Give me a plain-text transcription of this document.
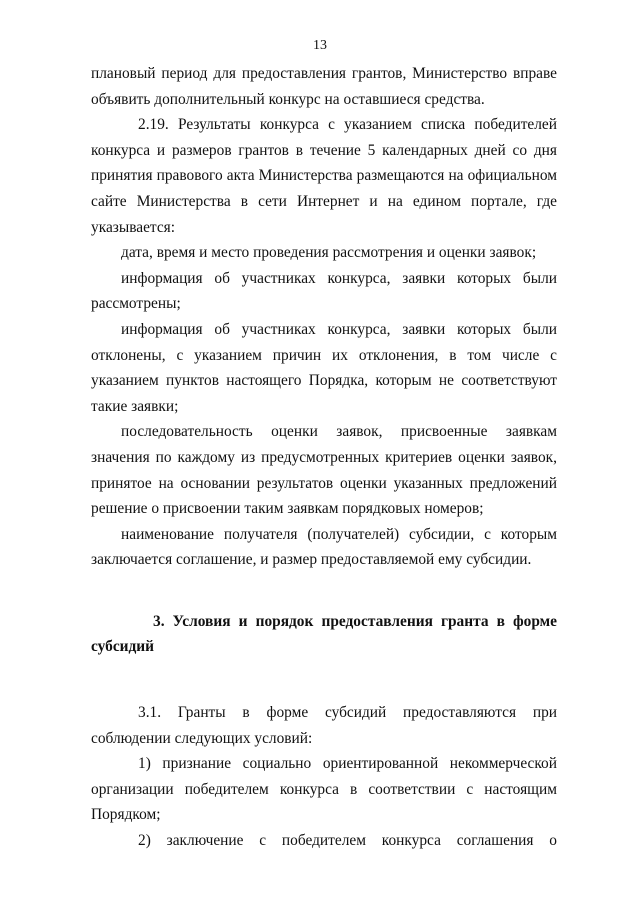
13

плановый период для предоставления грантов, Министерство вправе объявить дополнительный конкурс на оставшиеся средства.

2.19. Результаты конкурса с указанием списка победителей конкурса и размеров грантов в течение 5 календарных дней со дня принятия правового акта Министерства размещаются на официальном сайте Министерства в сети Интернет и на едином портале, где указывается:

дата, время и место проведения рассмотрения и оценки заявок;

информация об участниках конкурса, заявки которых были рассмотрены;

информация об участниках конкурса, заявки которых были отклонены, с указанием причин их отклонения, в том числе с указанием пунктов настоящего Порядка, которым не соответствуют такие заявки;

последовательность оценки заявок, присвоенные заявкам значения по каждому из предусмотренных критериев оценки заявок, принятое на основании результатов оценки указанных предложений решение о присвоении таким заявкам порядковых номеров;

наименование получателя (получателей) субсидии, с которым заключается соглашение, и размер предоставляемой ему субсидии.

3. Условия и порядок предоставления гранта в форме субсидий

3.1. Гранты в форме субсидий предоставляются при соблюдении следующих условий:

1) признание социально ориентированной некоммерческой организации победителем конкурса в соответствии с настоящим Порядком;

2) заключение с победителем конкурса соглашения о
